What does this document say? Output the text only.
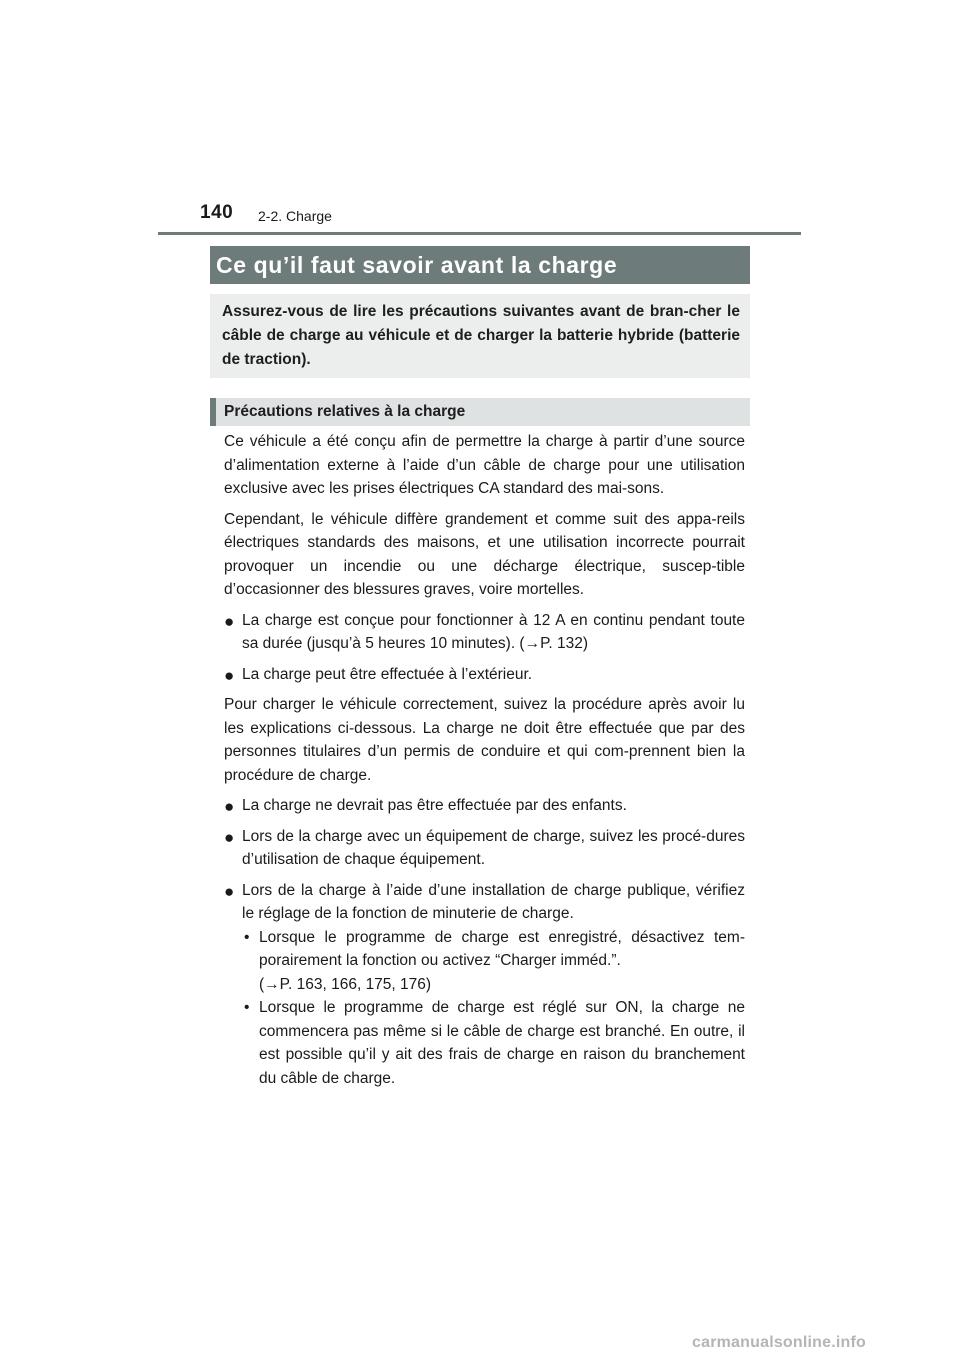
140 2-2. Charge
Ce qu’il faut savoir avant la charge

Assurez-vous de lire les précautions suivantes avant de bran-cher le câble de charge au véhicule et de charger la batterie hybride (batterie de traction).

Précautions relatives à la charge

Ce véhicule a été conçu afin de permettre la charge à partir d’une source d’alimentation externe à l’aide d’un câble de charge pour une utilisation exclusive avec les prises électriques CA standard des mai-sons.

Cependant, le véhicule diffère grandement et comme suit des appa-reils électriques standards des maisons, et une utilisation incorrecte pourrait provoquer un incendie ou une décharge électrique, suscep-tible d’occasionner des blessures graves, voire mortelles.

● La charge est conçue pour fonctionner à 12 A en continu pendant toute sa durée (jusqu’à 5 heures 10 minutes). (→P. 132)
● La charge peut être effectuée à l’extérieur.

Pour charger le véhicule correctement, suivez la procédure après avoir lu les explications ci-dessous. La charge ne doit être effectuée que par des personnes titulaires d’un permis de conduire et qui com-prennent bien la procédure de charge.

● La charge ne devrait pas être effectuée par des enfants.
● Lors de la charge avec un équipement de charge, suivez les procé-dures d’utilisation de chaque équipement.
● Lors de la charge à l’aide d’une installation de charge publique, vérifiez le réglage de la fonction de minuterie de charge.
• Lorsque le programme de charge est enregistré, désactivez tem-porairement la fonction ou activez “Charger imméd.”.
(→P. 163, 166, 175, 176)
• Lorsque le programme de charge est réglé sur ON, la charge ne commencera pas même si le câble de charge est branché. En outre, il est possible qu’il y ait des frais de charge en raison du branchement du câble de charge.
carmanualsonline.info
